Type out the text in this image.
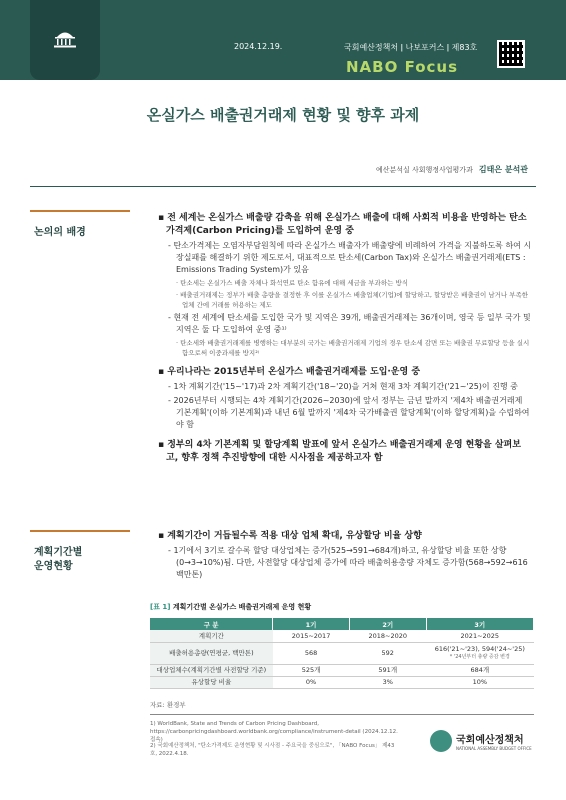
2024.12.19.	국회예산정책처 ǀ 나보포커스 ǀ 제83호
NABO Focus
온실가스 배출권거래제 현황 및 향후 과제
예산분석실 사회행정사업평가과 김태은 분석관
논의의 배경
계획기간별
운영현황
▪ 전 세계는 온실가스 배출량 감축을 위해 온실가스 배출에 대해 사회적 비용을 반영하는 탄소가격제(Carbon Pricing)를 도입하여 운영 중
- 탄소가격제는 오염자부담원칙에 따라 온실가스 배출자가 배출량에 비례하여 가격을 지불하도록 하여 시장실패를 해결하기 위한 제도로서, 대표적으로 탄소세(Carbon Tax)와 온실가스 배출권거래제(ETS : Emissions Trading System)가 있음
· 탄소세는 온실가스 배출 자체나 화석연료 탄소 함유에 대해 세금을 부과하는 방식
· 배출권거래제는 정부가 배출 총량을 결정한 후 이를 온실가스 배출업체(기업)에 할당하고, 할당받은 배출권이 남거나 부족한 업체 간에 거래를 허용하는 제도
- 현재 전 세계에 탄소세를 도입한 국가 및 지역은 39개, 배출권거래제는 36개이며, 영국 등 일부 국가 및 지역은 둘 다 도입하여 운영 중¹⁾
· 탄소세와 배출권거래제를 병행하는 대부분의 국가는 배출권거래제 기업의 경우 탄소세 감면 또는 배출권 무료할당 등을 실시함으로써 이중과세를 방지²⁾
▪ 우리나라는 2015년부터 온실가스 배출권거래제를 도입·운영 중
- 1차 계획기간('15~'17)과 2차 계획기간('18~'20)을 거쳐 현재 3차 계획기간('21~'25)이 진행 중
- 2026년부터 시행되는 4차 계획기간(2026~2030)에 앞서 정부는 금년 말까지 '제4차 배출권거래제 기본계획'(이하 기본계획)과 내년 6월 말까지 '제4차 국가배출권 할당계획'(이하 할당계획)을 수립하여야 함
▪ 정부의 4차 기본계획 및 할당계획 발표에 앞서 온실가스 배출권거래제 운영 현황을 살펴보고, 향후 정책 추진방향에 대한 시사점을 제공하고자 함
▪ 계획기간이 거듭될수록 적용 대상 업체 확대, 유상할당 비율 상향
- 1기에서 3기로 갈수록 할당 대상업체는 증가(525→591→684개)하고, 유상할당 비율 또한 상향(0→3→10%)됨. 다만, 사전할당 대상업체 증가에 따라 배출허용총량 자체도 증가함(568→592→616백만톤)
[표 1] 계획기간별 온실가스 배출권거래제 운영 현황
구 분	1기	2기	3기
계획기간	2015~2017	2018~2020	2021~2025
배출허용총량(연평균, 백만톤)	568	592	616('21~'23), 594('24~'25)
* '24년부터 총량 증감 변경

대상업체수(계획기간별 사전할당 기준)	525개	591개	684개
유상할당 비율	0%	3%	10%
자료: 환경부
1) WorldBank, State and Trends of Carbon Pricing Dashboard, https://carbonpricingdashboard.worldbank.org/compliance/instrument-detail (2024.12.12. 접속)
2) 국회예산정책처, "탄소가격제도 운영현황 및 시사점 - 주요국을 중심으로", 「NABO Focus」 제43호, 2022.4.18.
국회예산정책처
NATIONAL ASSEMBLY BUDGET OFFICE
